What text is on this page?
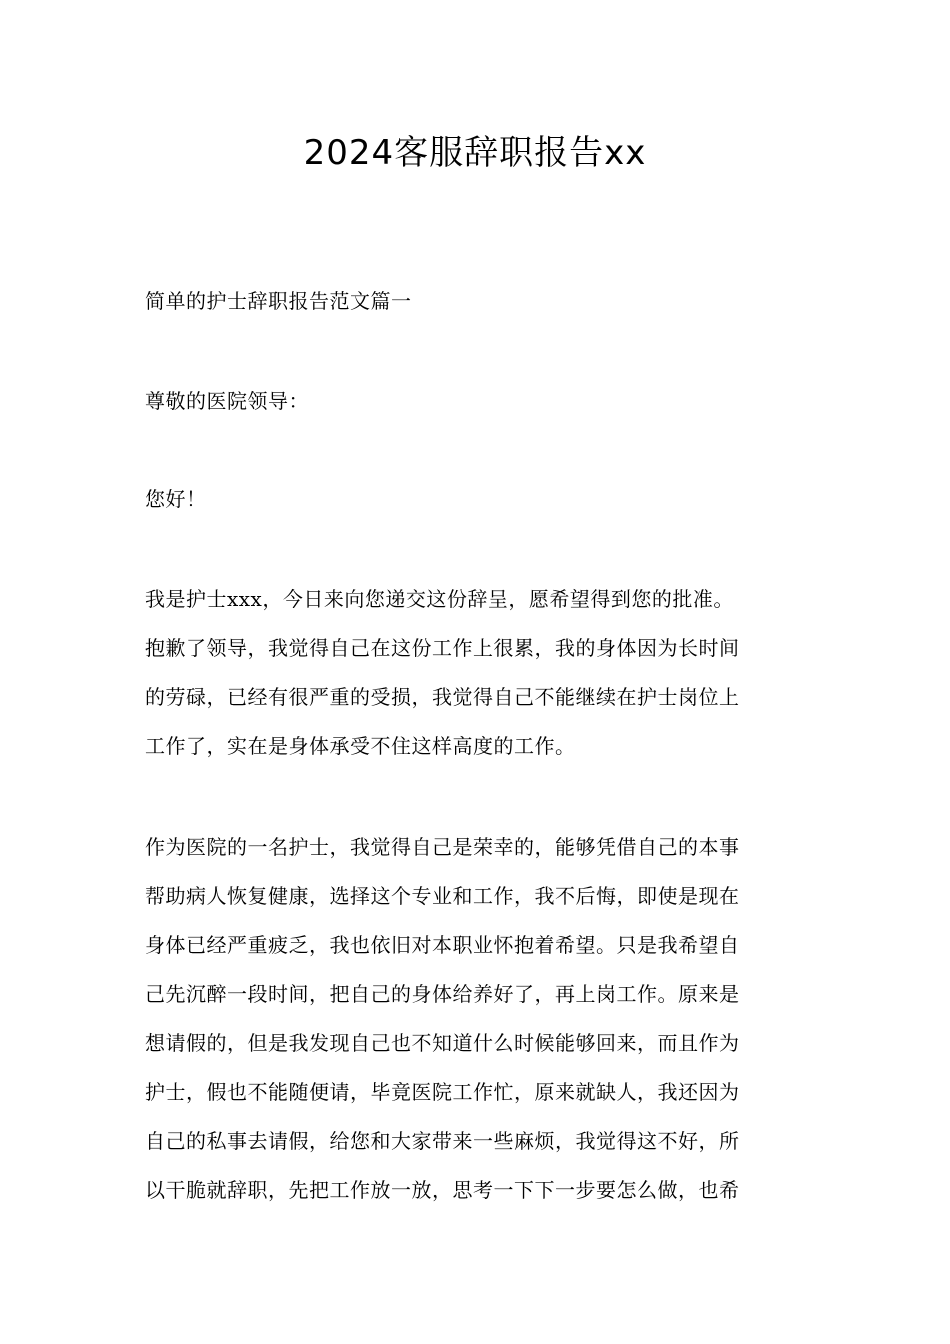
2024客服辞职报告xx

简单的护士辞职报告范文篇一

尊敬的医院领导：

您好！

我是护士xxx，今日来向您递交这份辞呈，愿希望得到您的批准。
抱歉了领导，我觉得自己在这份工作上很累，我的身体因为长时间
的劳碌，已经有很严重的受损，我觉得自己不能继续在护士岗位上
工作了，实在是身体承受不住这样高度的工作。
作为医院的一名护士，我觉得自己是荣幸的，能够凭借自己的本事
帮助病人恢复健康，选择这个专业和工作，我不后悔，即使是现在
身体已经严重疲乏，我也依旧对本职业怀抱着希望。只是我希望自
己先沉醉一段时间，把自己的身体给养好了，再上岗工作。原来是
想请假的，但是我发现自己也不知道什么时候能够回来，而且作为
护士，假也不能随便请，毕竟医院工作忙，原来就缺人，我还因为
自己的私事去请假，给您和大家带来一些麻烦，我觉得这不好，所
以干脆就辞职，先把工作放一放，思考一下下一步要怎么做，也希
